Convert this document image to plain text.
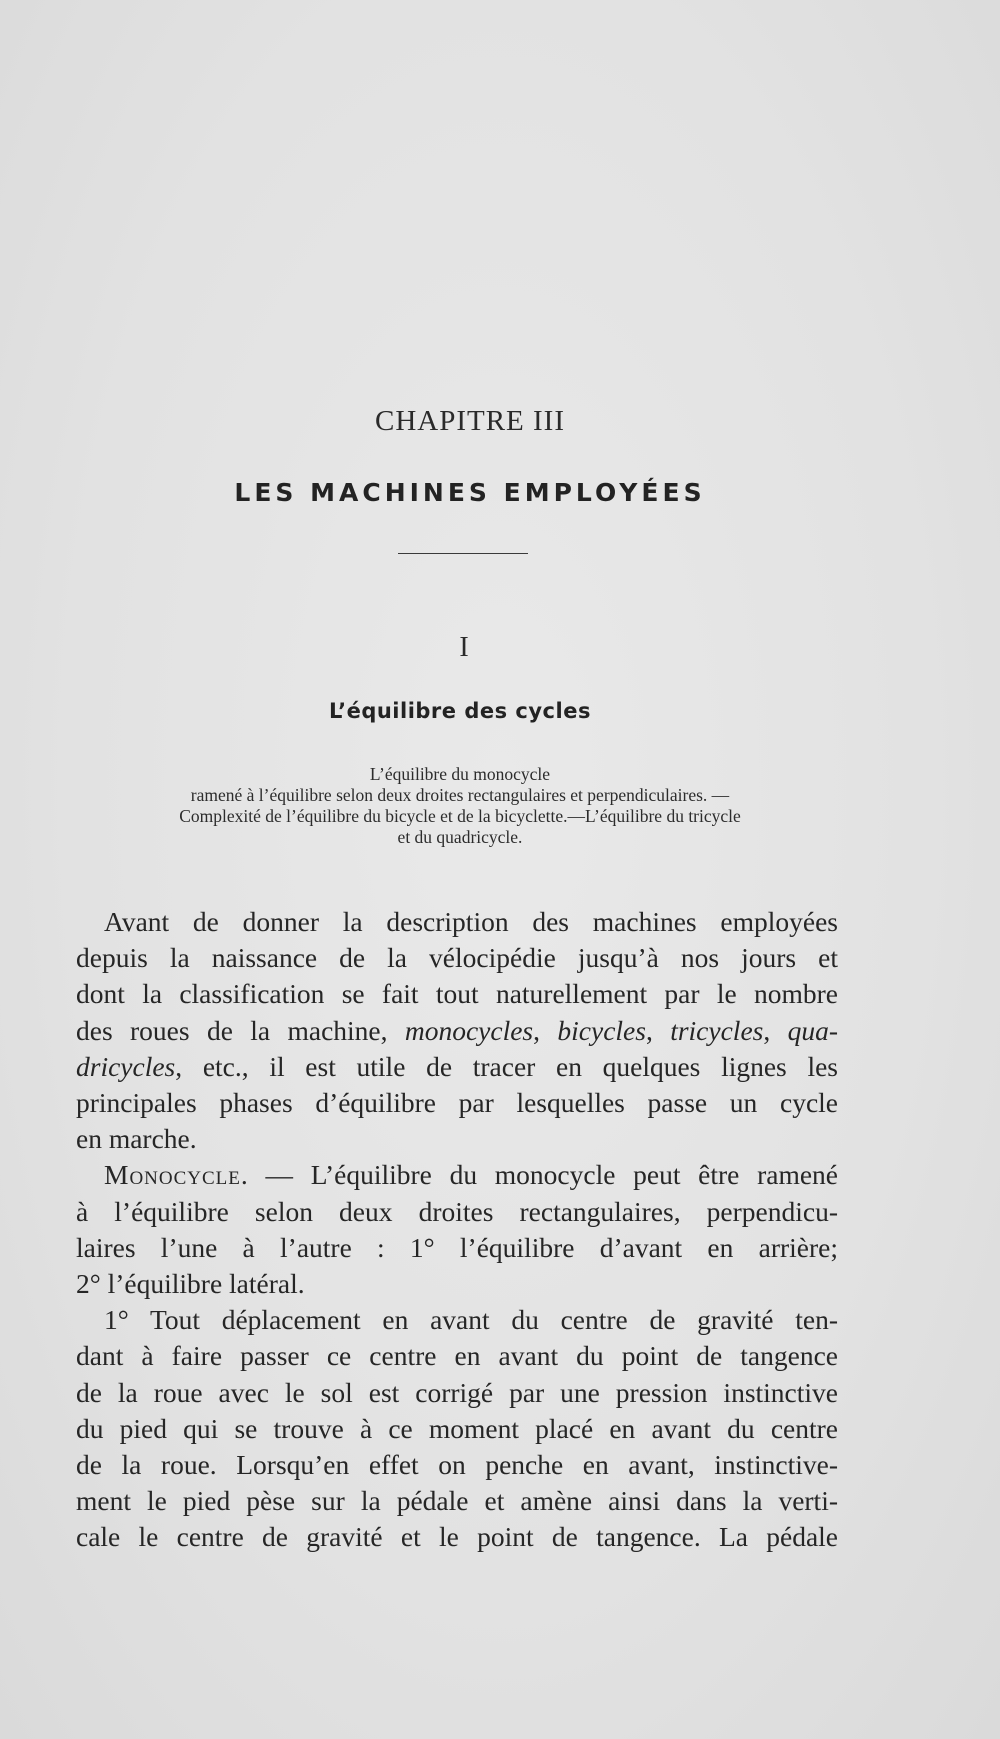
CHAPITRE III
LES MACHINES EMPLOYÉES
I
L’équilibre des cycles
L’équilibre du monocycle
ramené à l’équilibre selon deux droites rectangulaires et perpendiculaires. —
Complexité de l’équilibre du bicycle et de la bicyclette.—L’équilibre du tricycle
et du quadricycle.
Avant de donner la description des machines employées
depuis la naissance de la vélocipédie jusqu’à nos jours et
dont la classification se fait tout naturellement par le nombre
des roues de la machine, monocycles, bicycles, tricycles, qua-
dricycles, etc., il est utile de tracer en quelques lignes les
principales phases d’équilibre par lesquelles passe un cycle
en marche.
Monocycle. — L’équilibre du monocycle peut être ramené
à l’équilibre selon deux droites rectangulaires, perpendicu-
laires l’une à l’autre : 1° l’équilibre d’avant en arrière;
2° l’équilibre latéral.
1° Tout déplacement en avant du centre de gravité ten-
dant à faire passer ce centre en avant du point de tangence
de la roue avec le sol est corrigé par une pression instinctive
du pied qui se trouve à ce moment placé en avant du centre
de la roue. Lorsqu’en effet on penche en avant, instinctive-
ment le pied pèse sur la pédale et amène ainsi dans la verti-
cale le centre de gravité et le point de tangence. La pédale
